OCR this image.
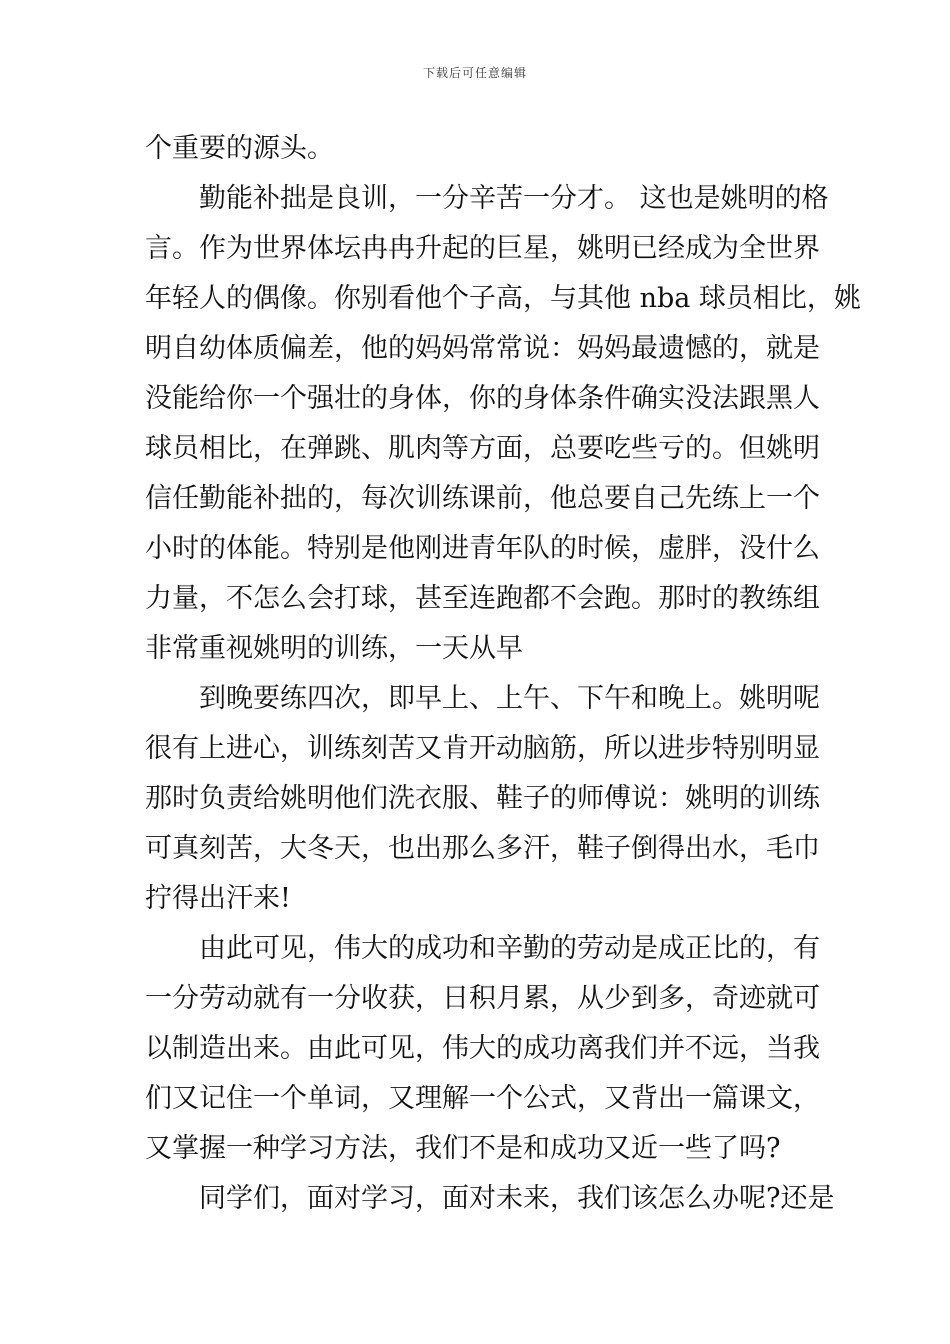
下载后可任意编辑
个重要的源头。
勤能补拙是良训，一分辛苦一分才。 这也是姚明的格
言。作为世界体坛冉冉升起的巨星，姚明已经成为全世界
年轻人的偶像。你别看他个子高，与其他 nba 球员相比，姚
明自幼体质偏差，他的妈妈常常说：妈妈最遗憾的，就是
没能给你一个强壮的身体，你的身体条件确实没法跟黑人
球员相比，在弹跳、肌肉等方面，总要吃些亏的。但姚明
信任勤能补拙的，每次训练课前，他总要自己先练上一个
小时的体能。特别是他刚进青年队的时候，虚胖，没什么
力量，不怎么会打球，甚至连跑都不会跑。那时的教练组
非常重视姚明的训练，一天从早
到晚要练四次，即早上、上午、下午和晚上。姚明呢
很有上进心，训练刻苦又肯开动脑筋，所以进步特别明显
那时负责给姚明他们洗衣服、鞋子的师傅说：姚明的训练
可真刻苦，大冬天，也出那么多汗，鞋子倒得出水，毛巾
拧得出汗来!
由此可见，伟大的成功和辛勤的劳动是成正比的，有
一分劳动就有一分收获，日积月累，从少到多，奇迹就可
以制造出来。由此可见，伟大的成功离我们并不远，当我
们又记住一个单词，又理解一个公式，又背出一篇课文，
又掌握一种学习方法，我们不是和成功又近一些了吗?
同学们，面对学习，面对未来，我们该怎么办呢?还是
